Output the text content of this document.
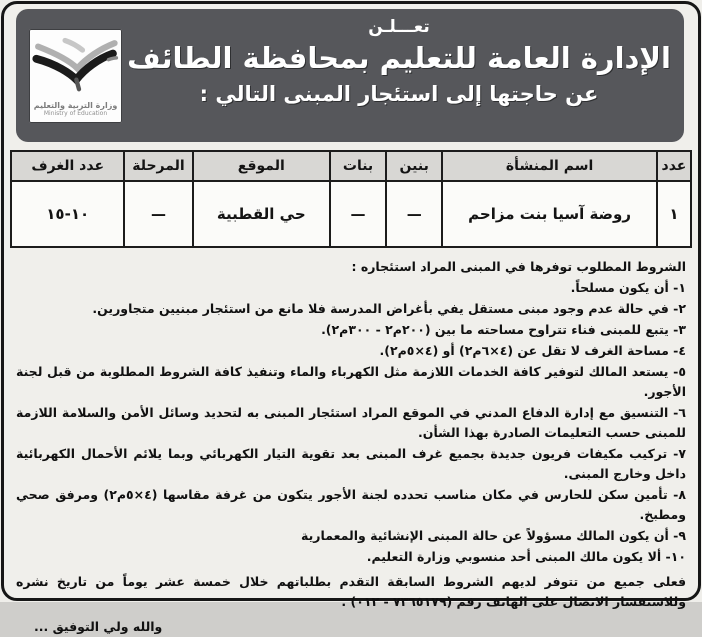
وزارة التربية والتعليم
Ministry of Education
تعـــلـن
الإدارة العامة للتعليم بمحافظة الطائف
عن حاجتها إلى استئجار المبنى التالي :
عدد	اسم المنشأة	بنين	بنات	الموقع	المرحلة	عدد الغرف
١	روضة آسيا بنت مزاحم	—	—	حي القطبية	—	١٠-١٥
الشروط المطلوب توفرها في المبنى المراد استئجاره :
١- أن يكون مسلحاً.
٢- في حالة عدم وجود مبنى مستقل يفي بأغراض المدرسة فلا مانع من استئجار مبنيين متجاورين.
٣- يتبع للمبنى فناء تتراوح مساحته ما بين (٢٠٠م٢ - ٣٠٠م٢).
٤- مساحة الغرف لا تقل عن (٤×٦م٢) أو (٤×٥م٢).
٥- يستعد المالك لتوفير كافة الخدمات اللازمة مثل الكهرباء والماء وتنفيذ كافة الشروط المطلوبة من قبل لجنة الأجور.
٦- التنسيق مع إدارة الدفاع المدني في الموقع المراد استئجار المبنى به لتحديد وسائل الأمن والسلامة اللازمة للمبنى حسب التعليمات الصادرة بهذا الشأن.
٧- تركيب مكيفات فريون جديدة بجميع غرف المبنى بعد تقوية التيار الكهربائي وبما يلائم الأحمال الكهربائية داخل وخارج المبنى.
٨- تأمين سكن للحارس في مكان مناسب تحدده لجنة الأجور يتكون من غرفة مقاسها (٤×٥م٢) ومرفق صحي ومطبخ.
٩- أن يكون المالك مسؤولاً عن حالة المبنى الإنشائية والمعمارية
١٠- ألا يكون مالك المبنى أحد منسوبي وزارة التعليم.
فعلى جميع من تتوفر لديهم الشروط السابقة التقدم بطلباتهم خلال خمسة عشر يوماً من تاريخ نشره وللاستفسار الاتصال على الهاتف رقم (٧٣٦٥١٧٩ - ٠١٢) .
والله ولي التوفيق ...
